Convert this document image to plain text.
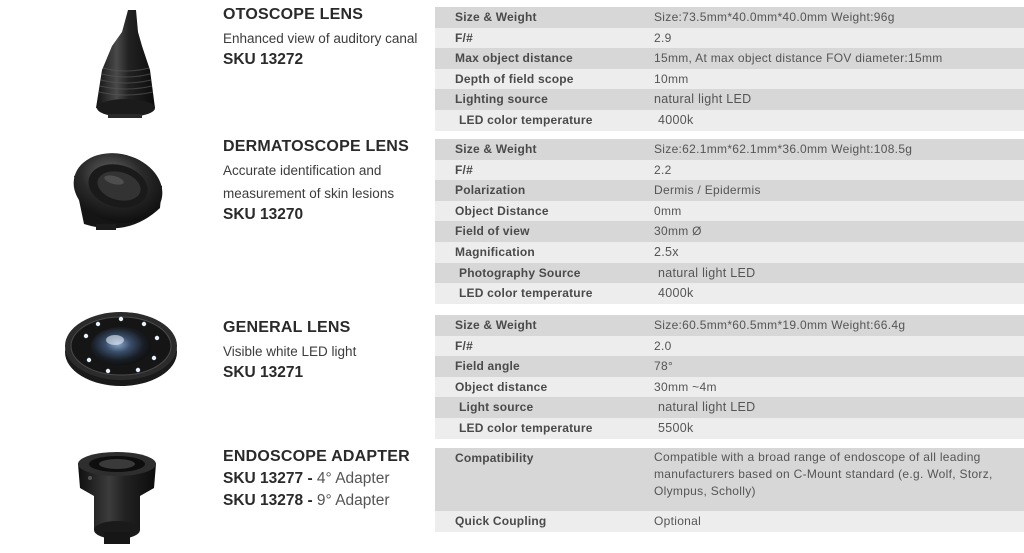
OTOSCOPE LENS
Enhanced view of auditory canal
SKU 13272
Size & Weight	Size:73.5mm*40.0mm*40.0mm Weight:96g
F/#	2.9
Max object distance	15mm, At max object distance FOV diameter:15mm
Depth of field scope	10mm
Lighting source	natural light LED
LED color temperature	4000k
DERMATOSCOPE LENS
Accurate identification and
measurement of skin lesions
SKU 13270
Size & Weight	Size:62.1mm*62.1mm*36.0mm Weight:108.5g
F/#	2.2
Polarization	Dermis / Epidermis
Object Distance	0mm
Field of view	30mm Ø
Magnification	2.5x
Photography Source	natural light LED
LED color temperature	4000k
GENERAL LENS
Visible white LED light
SKU 13271
Size & Weight	Size:60.5mm*60.5mm*19.0mm Weight:66.4g
F/#	2.0
Field angle	78°
Object distance	30mm ~4m
Light source	natural light LED
LED color temperature	5500k
ENDOSCOPE ADAPTER
SKU 13277 - 4° Adapter
SKU 13278 - 9° Adapter
Compatibility	Compatible with a broad range of endoscope of all leading manufacturers based on C-Mount standard (e.g. Wolf, Storz, Olympus, Scholly)
Quick Coupling	Optional
